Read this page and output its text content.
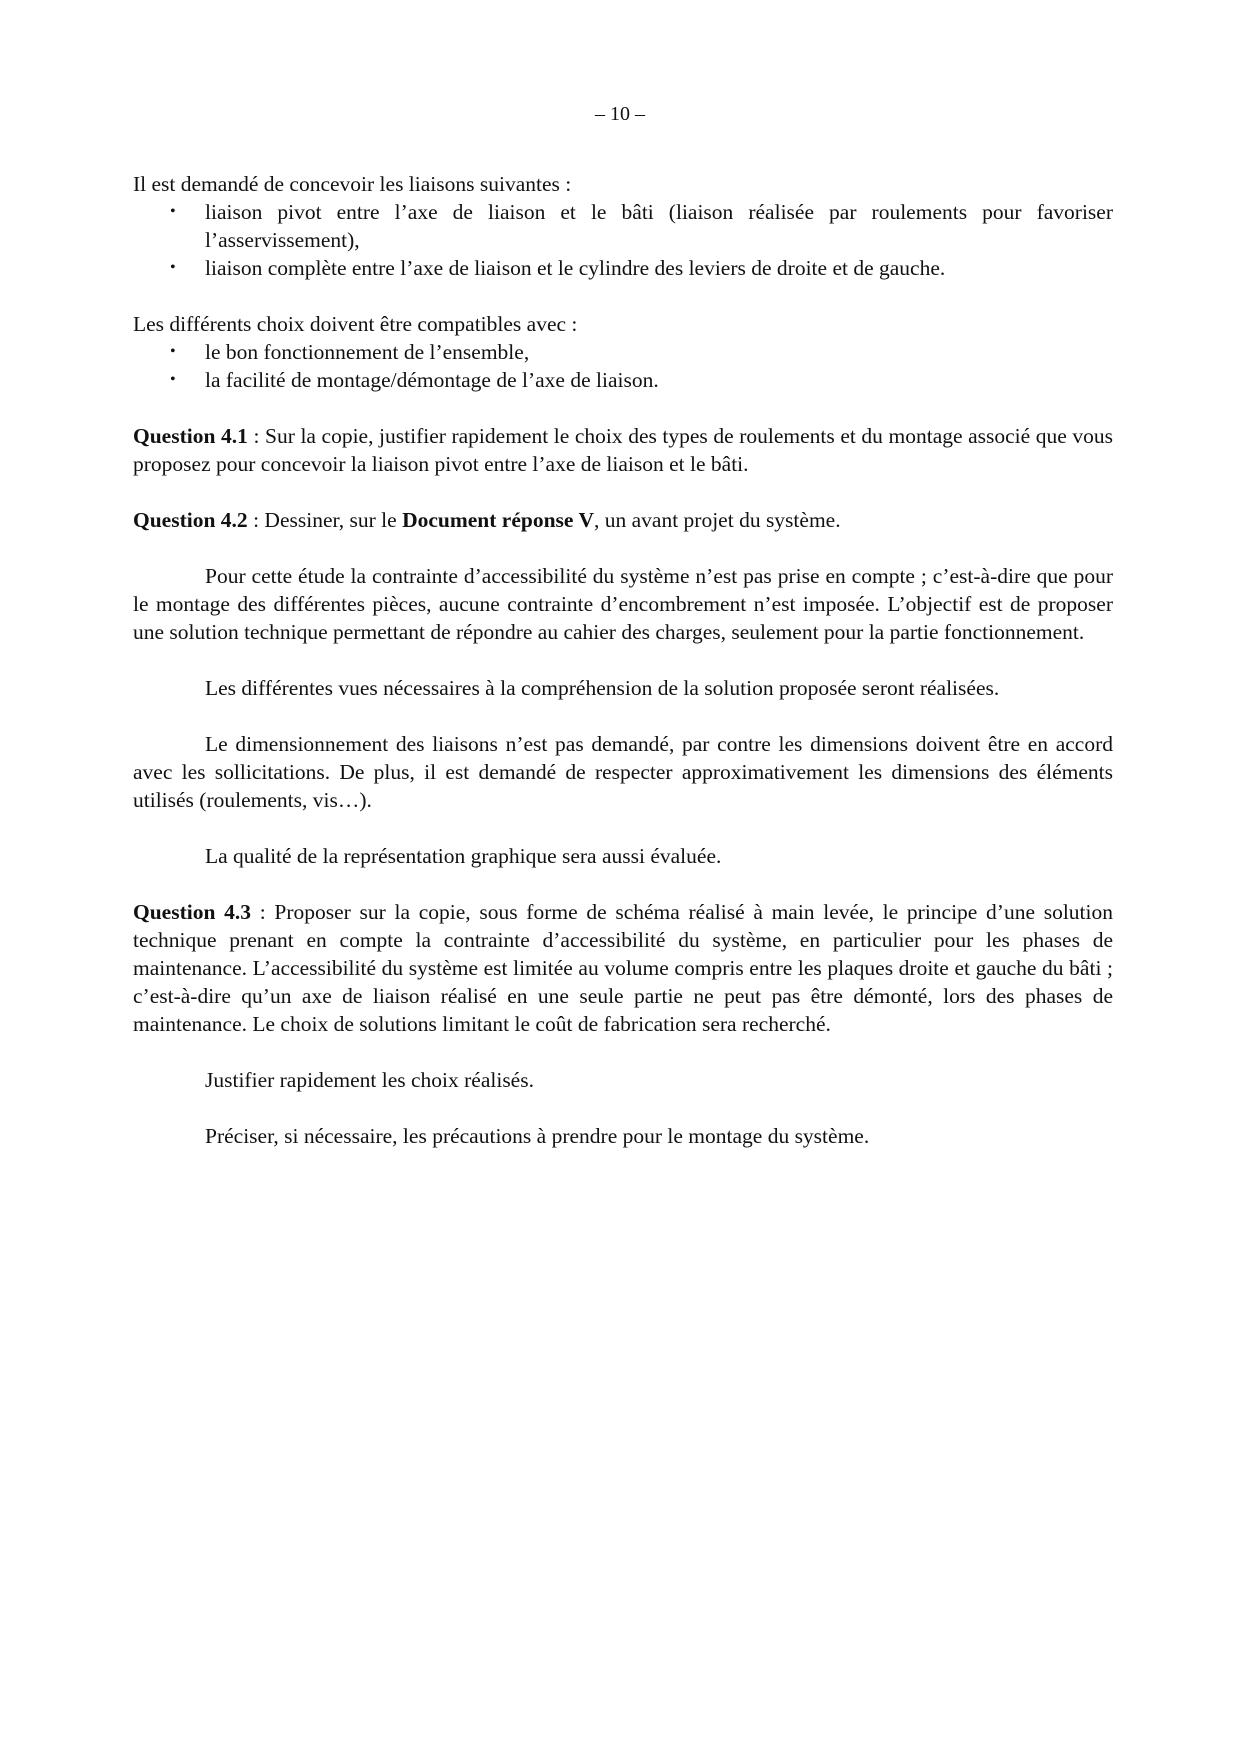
– 10 –

Il est demandé de concevoir les liaisons suivantes :

• liaison pivot entre l’axe de liaison et le bâti (liaison réalisée par roulements pour favoriser l’asservissement),
• liaison complète entre l’axe de liaison et le cylindre des leviers de droite et de gauche.

Les différents choix doivent être compatibles avec :

• le bon fonctionnement de l’ensemble,
• la facilité de montage/démontage de l’axe de liaison.

Question 4.1 : Sur la copie, justifier rapidement le choix des types de roulements et du montage associé que vous proposez pour concevoir la liaison pivot entre l’axe de liaison et le bâti.

Question 4.2 : Dessiner, sur le Document réponse V, un avant projet du système.

Pour cette étude la contrainte d’accessibilité du système n’est pas prise en compte ; c’est-à-dire que pour le montage des différentes pièces, aucune contrainte d’encombrement n’est imposée. L’objectif est de proposer une solution technique permettant de répondre au cahier des charges, seulement pour la partie fonctionnement.

Les différentes vues nécessaires à la compréhension de la solution proposée seront réalisées.

Le dimensionnement des liaisons n’est pas demandé, par contre les dimensions doivent être en accord avec les sollicitations. De plus, il est demandé de respecter approximativement les dimensions des éléments utilisés (roulements, vis…).

La qualité de la représentation graphique sera aussi évaluée.

Question 4.3 : Proposer sur la copie, sous forme de schéma réalisé à main levée, le principe d’une solution technique prenant en compte la contrainte d’accessibilité du système, en particulier pour les phases de maintenance. L’accessibilité du système est limitée au volume compris entre les plaques droite et gauche du bâti ; c’est-à-dire qu’un axe de liaison réalisé en une seule partie ne peut pas être démonté, lors des phases de maintenance. Le choix de solutions limitant le coût de fabrication sera recherché.

Justifier rapidement les choix réalisés.

Préciser, si nécessaire, les précautions à prendre pour le montage du système.
